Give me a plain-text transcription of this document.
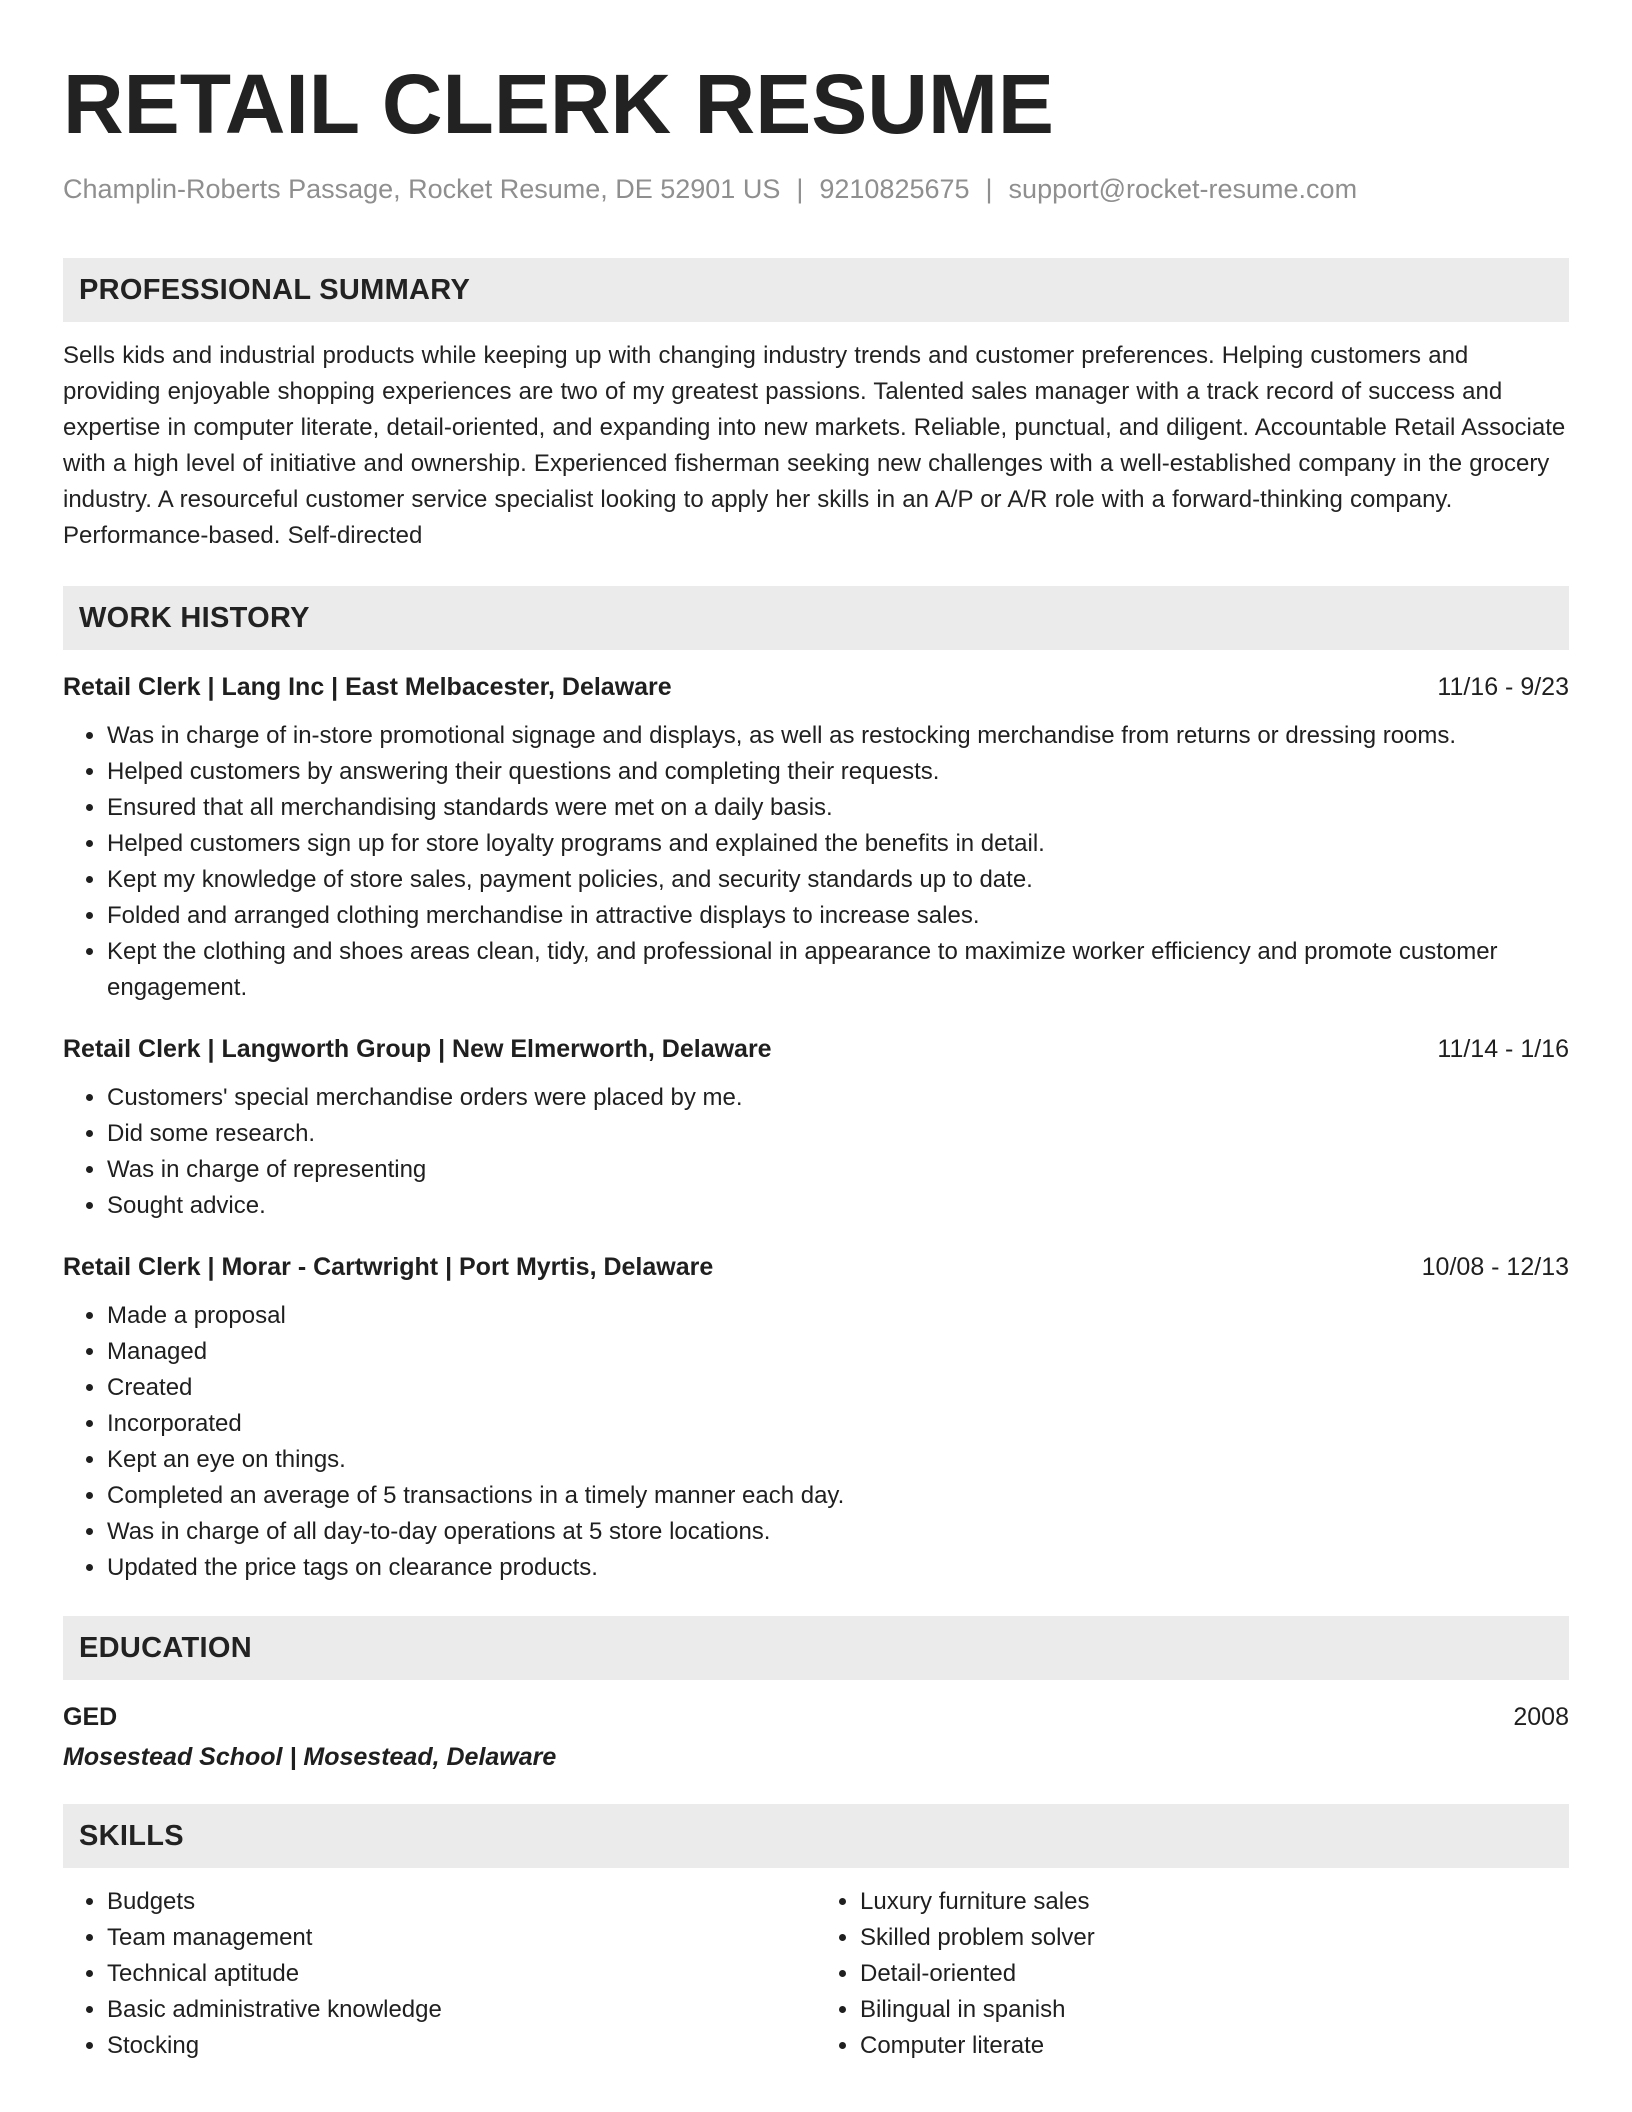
RETAIL CLERK RESUME
Champlin-Roberts Passage, Rocket Resume, DE 52901 US | 9210825675 | support@rocket-resume.com
PROFESSIONAL SUMMARY
Sells kids and industrial products while keeping up with changing industry trends and customer preferences. Helping customers and providing enjoyable shopping experiences are two of my greatest passions. Talented sales manager with a track record of success and expertise in computer literate, detail-oriented, and expanding into new markets. Reliable, punctual, and diligent. Accountable Retail Associate with a high level of initiative and ownership. Experienced fisherman seeking new challenges with a well-established company in the grocery industry. A resourceful customer service specialist looking to apply her skills in an A/P or A/R role with a forward-thinking company. Performance-based. Self-directed
WORK HISTORY
Retail Clerk | Lang Inc | East Melbacester, Delaware	11/16 - 9/23
• Was in charge of in-store promotional signage and displays, as well as restocking merchandise from returns or dressing rooms.
• Helped customers by answering their questions and completing their requests.
• Ensured that all merchandising standards were met on a daily basis.
• Helped customers sign up for store loyalty programs and explained the benefits in detail.
• Kept my knowledge of store sales, payment policies, and security standards up to date.
• Folded and arranged clothing merchandise in attractive displays to increase sales.
• Kept the clothing and shoes areas clean, tidy, and professional in appearance to maximize worker efficiency and promote customer engagement.
Retail Clerk | Langworth Group | New Elmerworth, Delaware	11/14 - 1/16
• Customers' special merchandise orders were placed by me.
• Did some research.
• Was in charge of representing
• Sought advice.
Retail Clerk | Morar - Cartwright | Port Myrtis, Delaware	10/08 - 12/13
• Made a proposal
• Managed
• Created
• Incorporated
• Kept an eye on things.
• Completed an average of 5 transactions in a timely manner each day.
• Was in charge of all day-to-day operations at 5 store locations.
• Updated the price tags on clearance products.
EDUCATION
GED	2008
Mosestead School | Mosestead, Delaware
SKILLS
• Budgets
• Team management
• Technical aptitude
• Basic administrative knowledge
• Stocking
• Luxury furniture sales
• Skilled problem solver
• Detail-oriented
• Bilingual in spanish
• Computer literate
